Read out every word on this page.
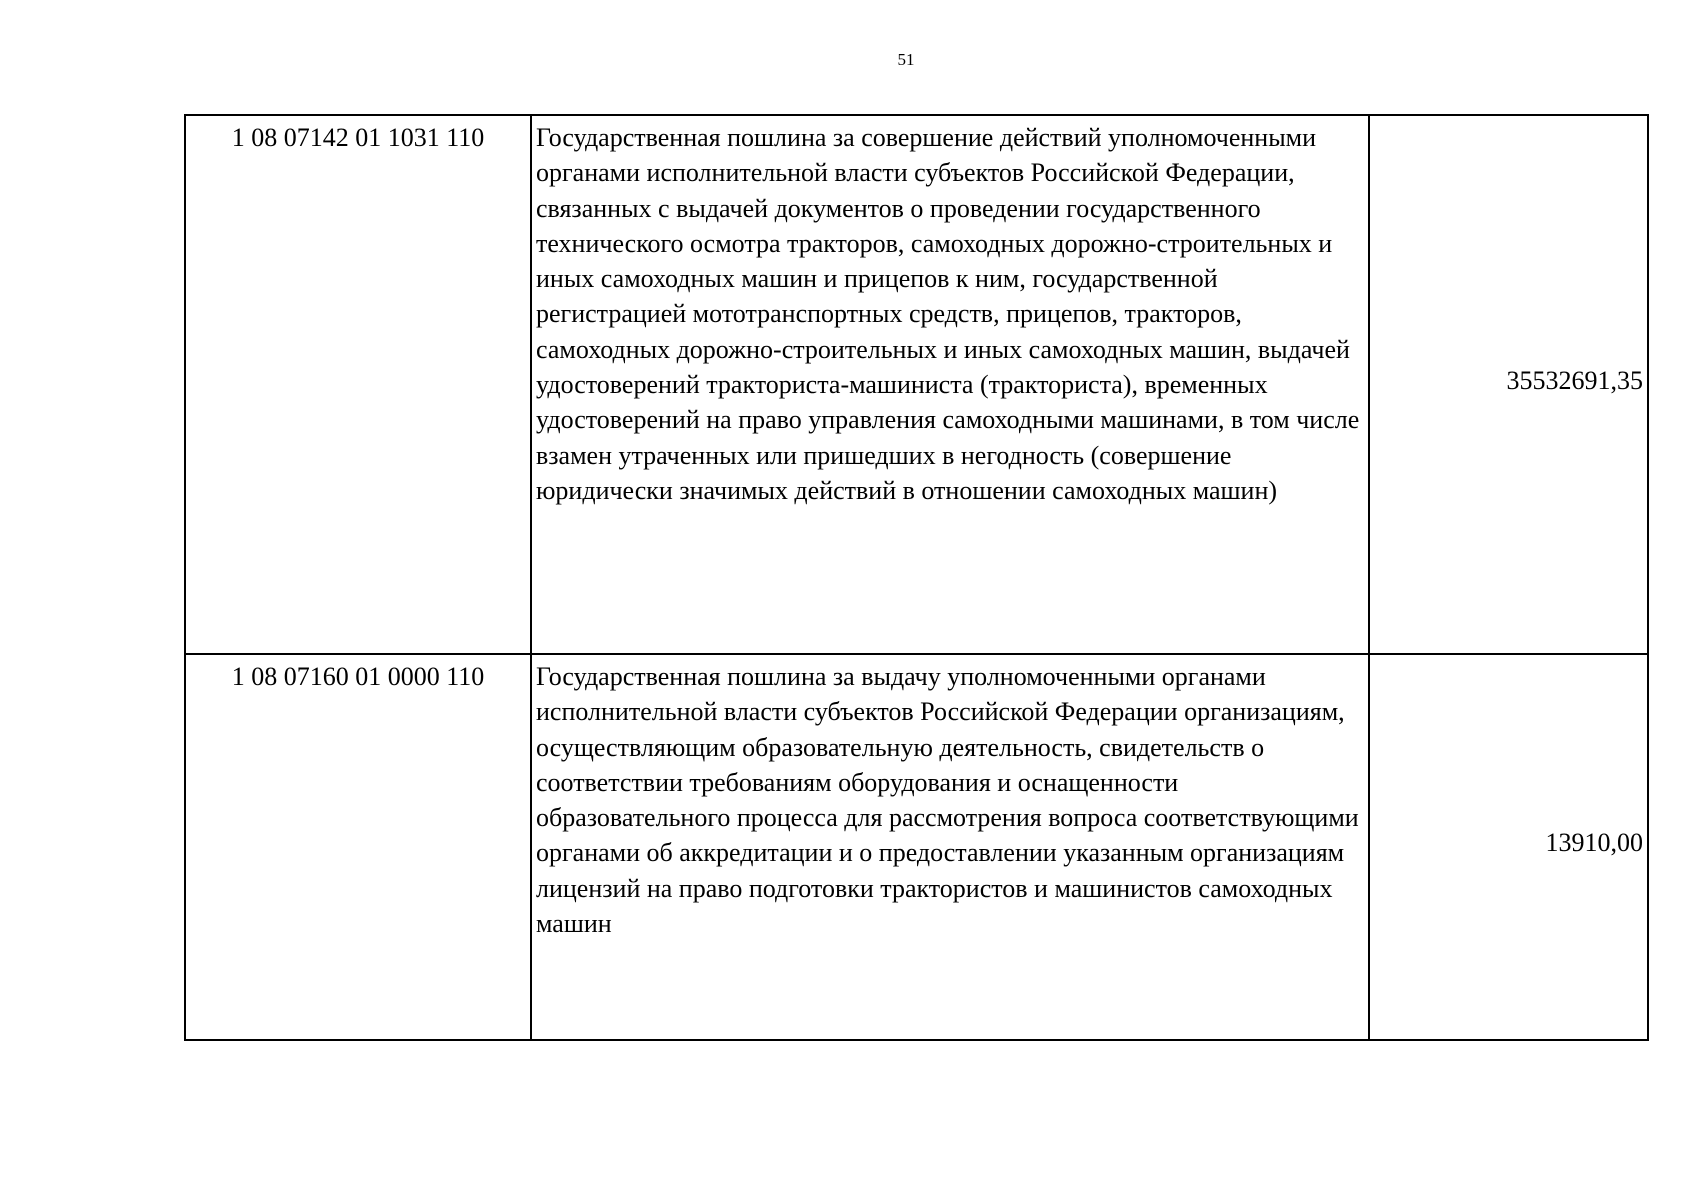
51
1 08 07142 01 1031 110	Государственная пошлина за совершение действий уполномоченными органами исполнительной власти субъектов Российской Федерации, связанных с выдачей документов о проведении государственного технического осмотра тракторов, самоходных дорожно-строительных и иных самоходных машин и прицепов к ним, государственной регистрацией мототранспортных средств, прицепов, тракторов, самоходных дорожно-строительных и иных самоходных машин, выдачей удостоверений тракториста-машиниста (тракториста), временных удостоверений на право управления самоходными машинами, в том числе взамен утраченных или пришедших в негодность (совершение юридически значимых действий в отношении самоходных машин)	35532691,35
1 08 07160 01 0000 110	Государственная пошлина за выдачу уполномоченными органами исполнительной власти субъектов Российской Федерации организациям, осуществляющим образовательную деятельность, свидетельств о соответствии требованиям оборудования и оснащенности образовательного процесса для рассмотрения вопроса соответствующими органами об аккредитации и о предоставлении указанным организациям лицензий на право подготовки трактористов и машинистов самоходных машин	13910,00
